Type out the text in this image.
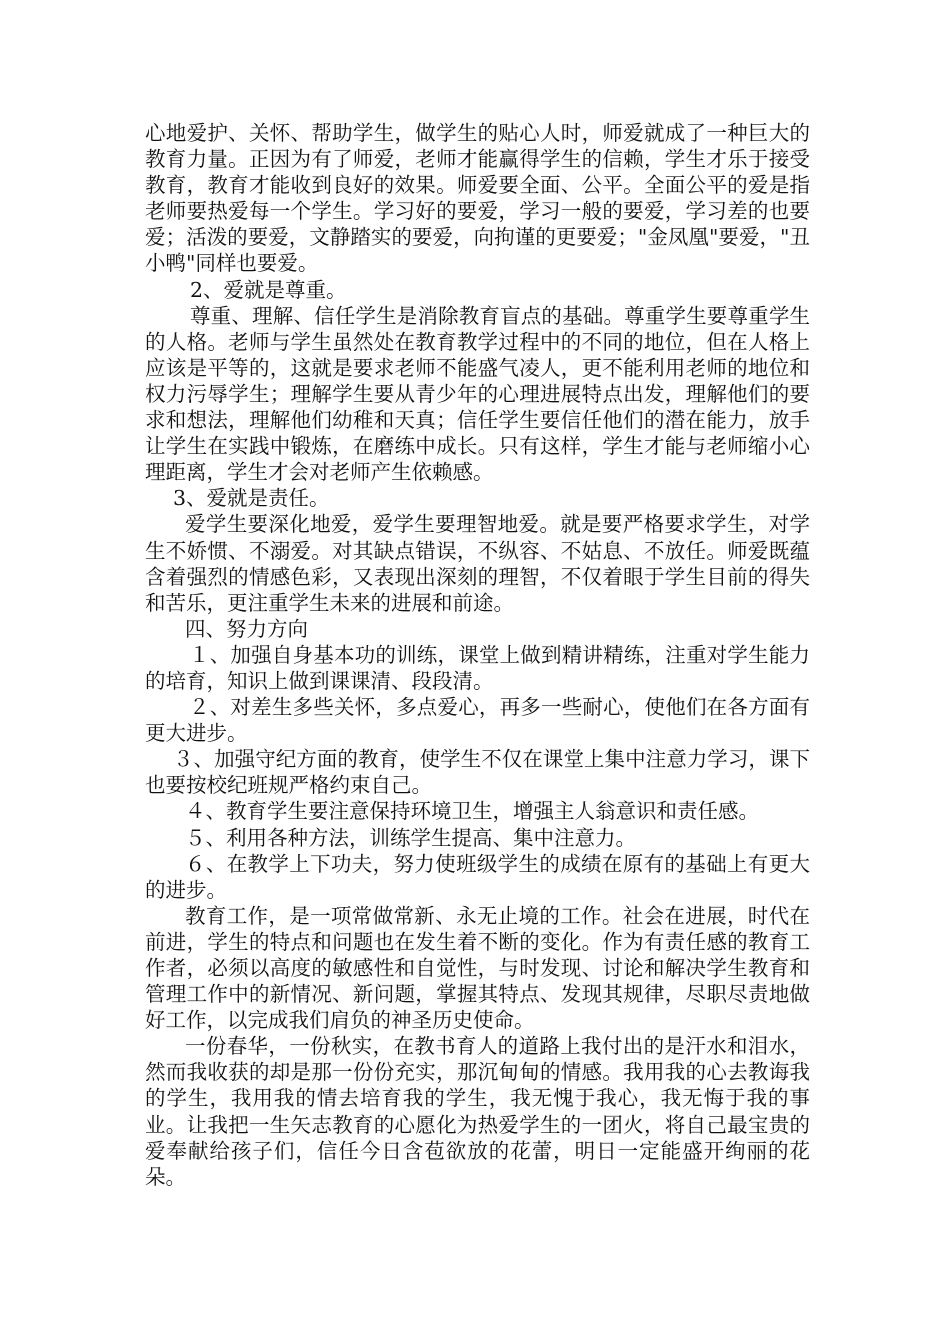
心地爱护、关怀、帮助学生，做学生的贴心人时，师爱就成了一种巨大的教育力量。正因为有了师爱，老师才能赢得学生的信赖，学生才乐于接受教育，教育才能收到良好的效果。师爱要全面、公平。全面公平的爱是指老师要热爱每一个学生。学习好的要爱，学习一般的要爱，学习差的也要爱；活泼的要爱，文静踏实的要爱，向拘谨的更要爱；"金凤凰"要爱，"丑小鸭"同样也要爱。

2、爱就是尊重。

尊重、理解、信任学生是消除教育盲点的基础。尊重学生要尊重学生的人格。老师与学生虽然处在教育教学过程中的不同的地位，但在人格上应该是平等的，这就是要求老师不能盛气凌人，更不能利用老师的地位和权力污辱学生；理解学生要从青少年的心理进展特点出发，理解他们的要求和想法，理解他们幼稚和天真；信任学生要信任他们的潜在能力，放手让学生在实践中锻炼，在磨练中成长。只有这样，学生才能与老师缩小心理距离，学生才会对老师产生依赖感。

3、爱就是责任。

爱学生要深化地爱，爱学生要理智地爱。就是要严格要求学生，对学生不娇惯、不溺爱。对其缺点错误，不纵容、不姑息、不放任。师爱既蕴含着强烈的情感色彩，又表现出深刻的理智，不仅着眼于学生目前的得失和苦乐，更注重学生未来的进展和前途。

四、努力方向

１、加强自身基本功的训练，课堂上做到精讲精练，注重对学生能力的培育，知识上做到课课清、段段清。

２、对差生多些关怀，多点爱心，再多一些耐心，使他们在各方面有更大进步。

３、加强守纪方面的教育，使学生不仅在课堂上集中注意力学习，课下也要按校纪班规严格约束自己。

４、教育学生要注意保持环境卫生，增强主人翁意识和责任感。

５、利用各种方法，训练学生提高、集中注意力。

６、在教学上下功夫，努力使班级学生的成绩在原有的基础上有更大的进步。

教育工作，是一项常做常新、永无止境的工作。社会在进展，时代在前进，学生的特点和问题也在发生着不断的变化。作为有责任感的教育工作者，必须以高度的敏感性和自觉性，与时发现、讨论和解决学生教育和管理工作中的新情况、新问题，掌握其特点、发现其规律，尽职尽责地做好工作，以完成我们肩负的神圣历史使命。

一份春华，一份秋实，在教书育人的道路上我付出的是汗水和泪水，然而我收获的却是那一份份充实，那沉甸甸的情感。我用我的心去教诲我的学生，我用我的情去培育我的学生，我无愧于我心，我无悔于我的事业。让我把一生矢志教育的心愿化为热爱学生的一团火，将自己最宝贵的爱奉献给孩子们，信任今日含苞欲放的花蕾，明日一定能盛开绚丽的花朵。
